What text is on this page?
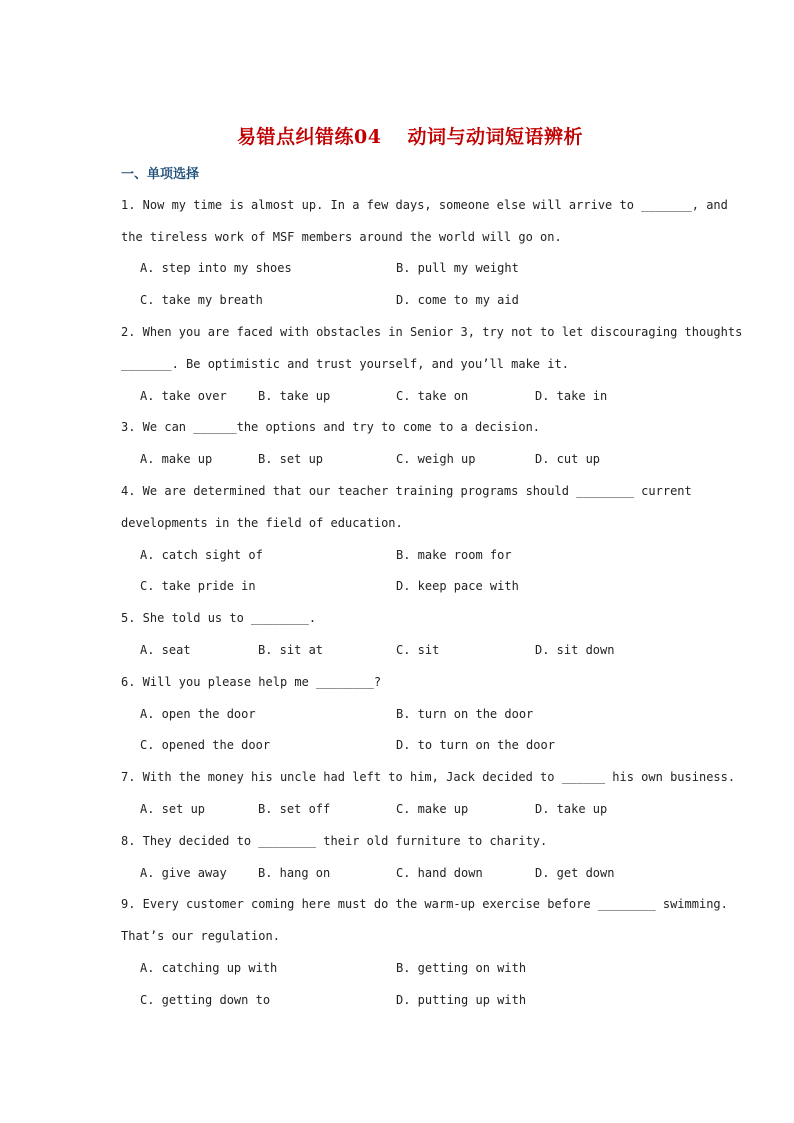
易错点纠错练04 动词与动词短语辨析
一、单项选择
1. Now my time is almost up. In a few days, someone else will arrive to _______, and
the tireless work of MSF members around the world will go on.
A. step into my shoes	B. pull my weight
C. take my breath	D. come to my aid
2. When you are faced with obstacles in Senior 3, try not to let discouraging thoughts
_______. Be optimistic and trust yourself, and you’ll make it.
A. take over	B. take up	C. take on	D. take in
3. We can ______the options and try to come to a decision.
A. make up	B. set up	C. weigh up	D. cut up
4. We are determined that our teacher training programs should ________ current
developments in the field of education.
A. catch sight of	B. make room for
C. take pride in	D. keep pace with
5. She told us to ________.
A. seat	B. sit at	C. sit	D. sit down
6. Will you please help me ________?
A. open the door	B. turn on the door
C. opened the door	D. to turn on the door
7. With the money his uncle had left to him, Jack decided to ______ his own business.
A. set up	B. set off	C. make up	D. take up
8. They decided to ________ their old furniture to charity.
A. give away	B. hang on	C. hand down	D. get down
9. Every customer coming here must do the warm-up exercise before ________ swimming.
That’s our regulation.
A. catching up with	B. getting on with
C. getting down to	D. putting up with
